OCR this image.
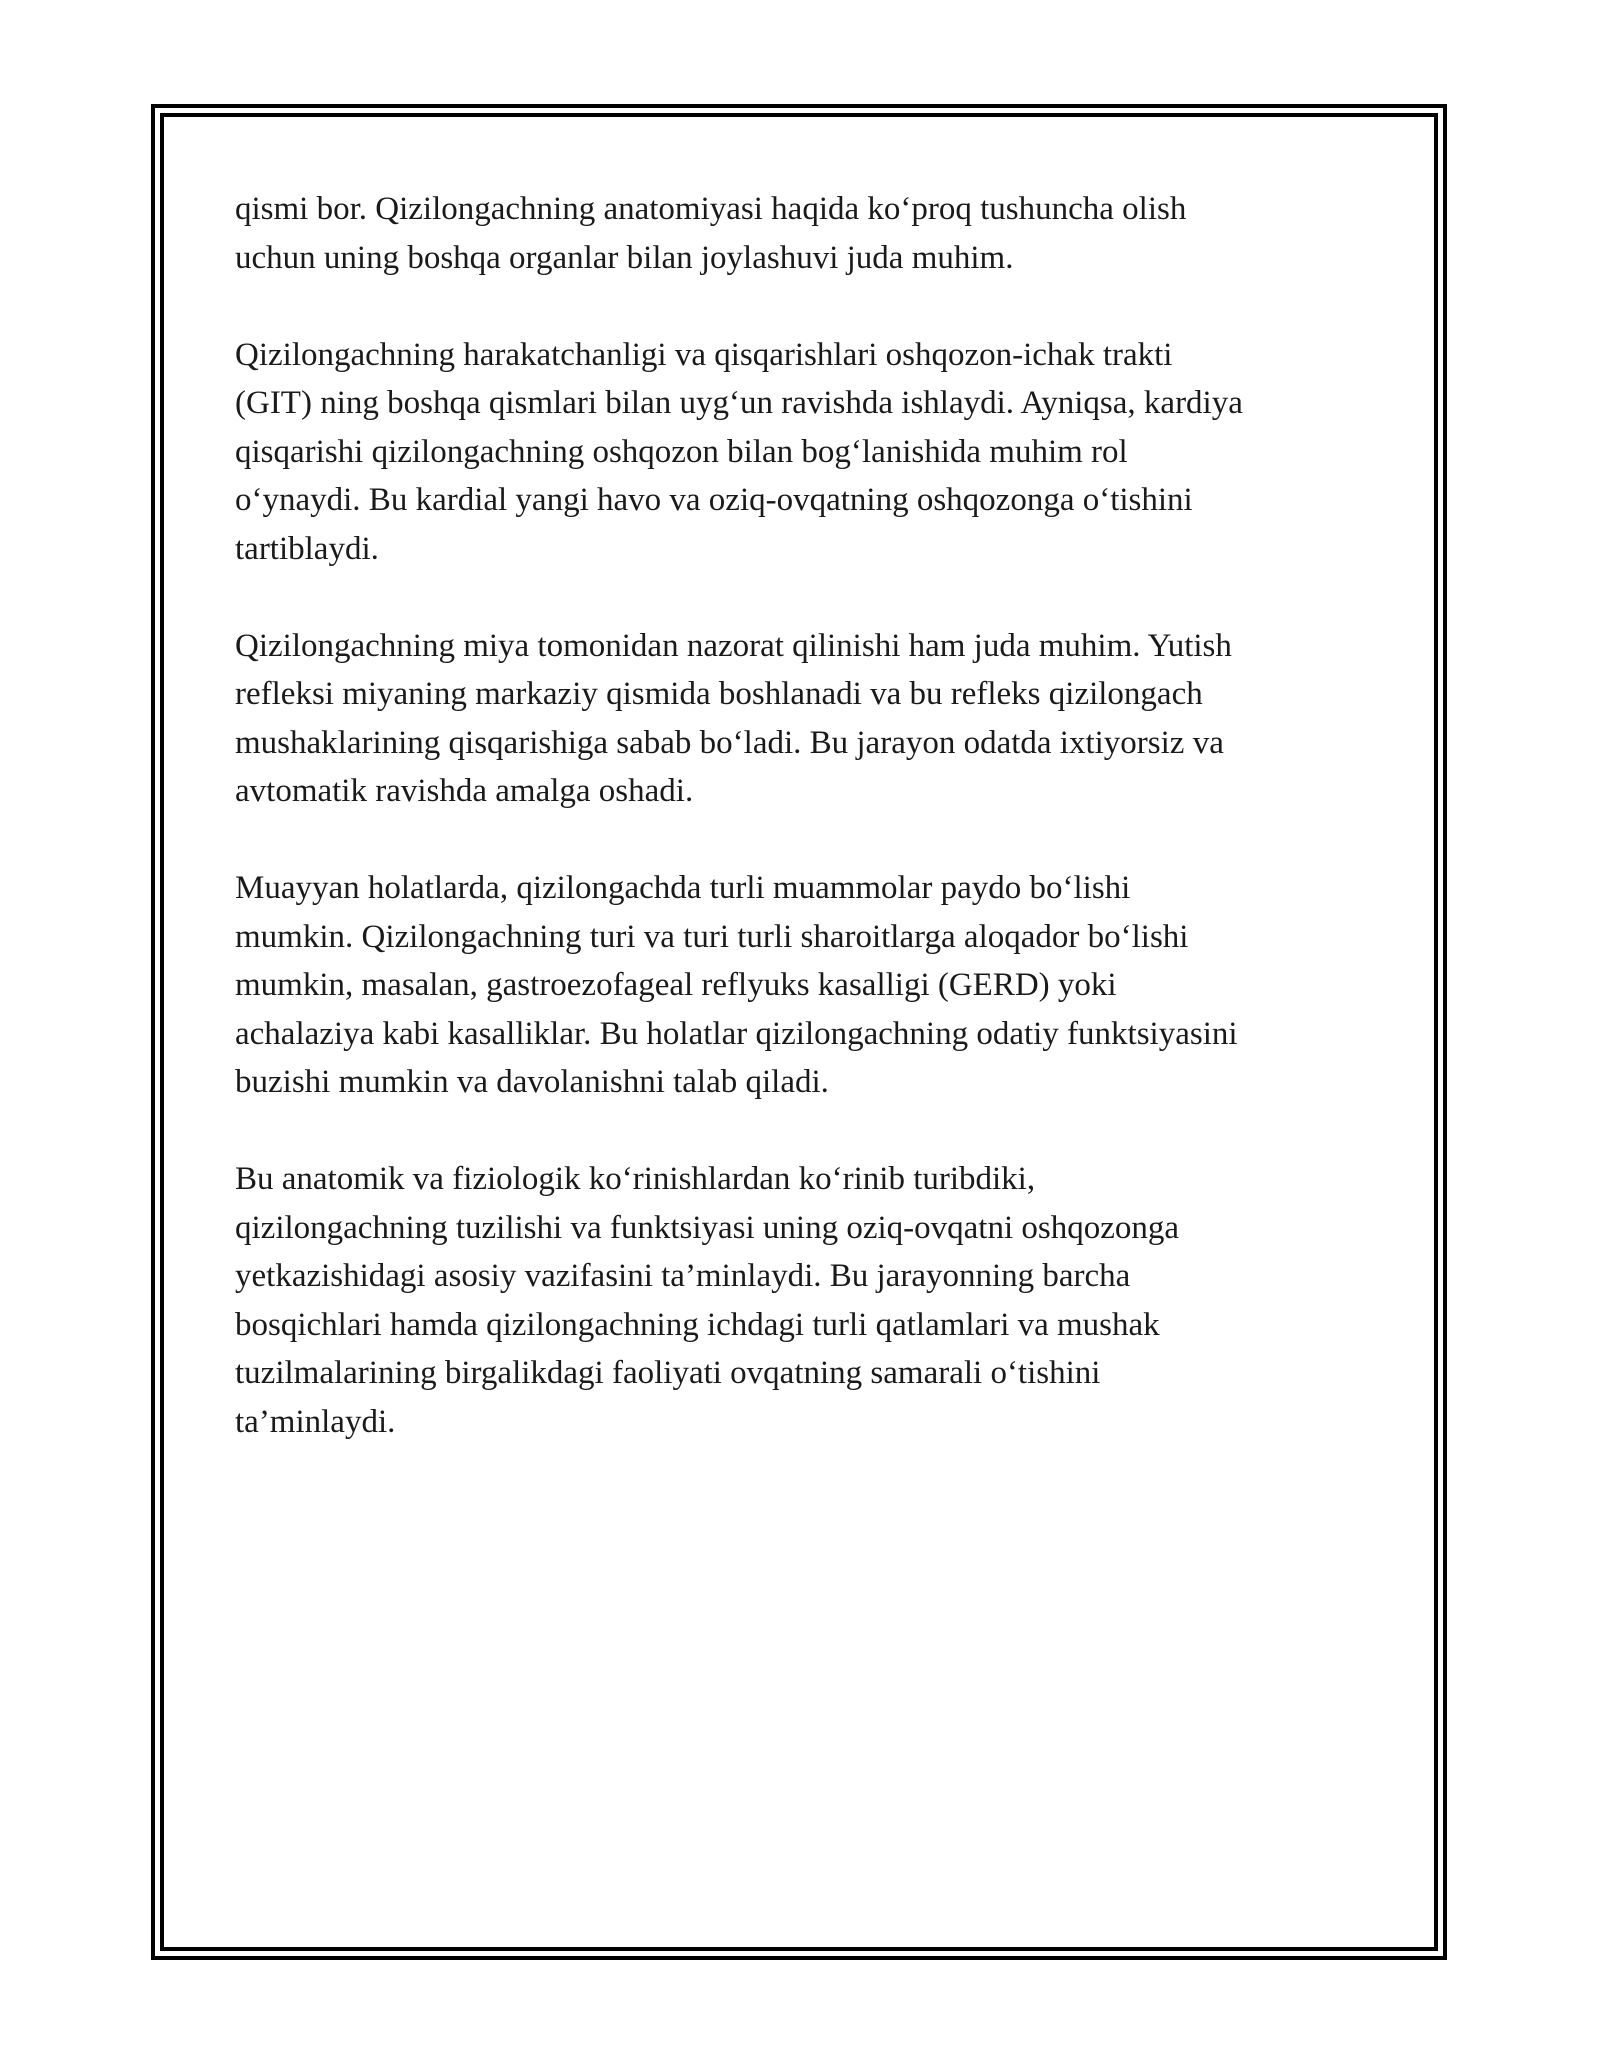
qismi bor. Qizilongachning anatomiyasi haqida ko‘proq tushuncha olish
uchun uning boshqa organlar bilan joylashuvi juda muhim.

Qizilongachning harakatchanligi va qisqarishlari oshqozon-ichak trakti
(GIT) ning boshqa qismlari bilan uyg‘un ravishda ishlaydi. Ayniqsa, kardiya
qisqarishi qizilongachning oshqozon bilan bog‘lanishida muhim rol
o‘ynaydi. Bu kardial yangi havo va oziq-ovqatning oshqozonga o‘tishini
tartiblaydi.

Qizilongachning miya tomonidan nazorat qilinishi ham juda muhim. Yutish
refleksi miyaning markaziy qismida boshlanadi va bu refleks qizilongach
mushaklarining qisqarishiga sabab bo‘ladi. Bu jarayon odatda ixtiyorsiz va
avtomatik ravishda amalga oshadi.

Muayyan holatlarda, qizilongachda turli muammolar paydo bo‘lishi
mumkin. Qizilongachning turi va turi turli sharoitlarga aloqador bo‘lishi
mumkin, masalan, gastroezofageal reflyuks kasalligi (GERD) yoki
achalaziya kabi kasalliklar. Bu holatlar qizilongachning odatiy funktsiyasini
buzishi mumkin va davolanishni talab qiladi.

Bu anatomik va fiziologik ko‘rinishlardan ko‘rinib turibdiki,
qizilongachning tuzilishi va funktsiyasi uning oziq-ovqatni oshqozonga
yetkazishidagi asosiy vazifasini ta’minlaydi. Bu jarayonning barcha
bosqichlari hamda qizilongachning ichdagi turli qatlamlari va mushak
tuzilmalarining birgalikdagi faoliyati ovqatning samarali o‘tishini
ta’minlaydi.
